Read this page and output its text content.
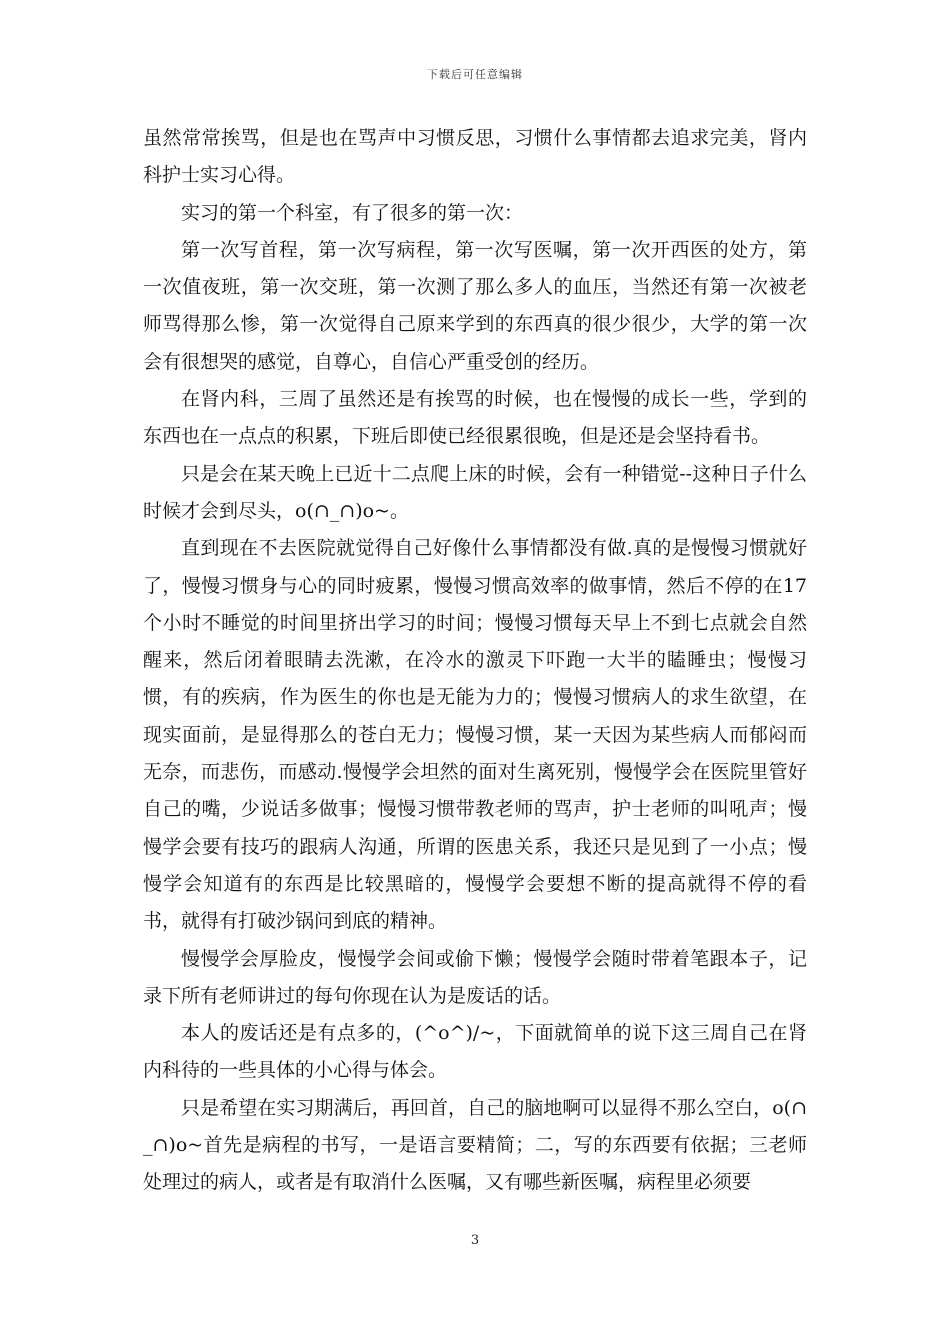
下载后可任意编辑

虽然常常挨骂，但是也在骂声中习惯反思，习惯什么事情都去追求完美，肾内科护士实习心得。

实习的第一个科室，有了很多的第一次：

第一次写首程，第一次写病程，第一次写医嘱，第一次开西医的处方，第一次值夜班，第一次交班，第一次测了那么多人的血压，当然还有第一次被老师骂得那么惨，第一次觉得自己原来学到的东西真的很少很少，大学的第一次会有很想哭的感觉，自尊心，自信心严重受创的经历。

在肾内科，三周了虽然还是有挨骂的时候，也在慢慢的成长一些，学到的东西也在一点点的积累，下班后即使已经很累很晚，但是还是会坚持看书。

只是会在某天晚上已近十二点爬上床的时候，会有一种错觉--这种日子什么时候才会到尽头，o(∩_∩)o~。

直到现在不去医院就觉得自己好像什么事情都没有做.真的是慢慢习惯就好了，慢慢习惯身与心的同时疲累，慢慢习惯高效率的做事情，然后不停的在17个小时不睡觉的时间里挤出学习的时间；慢慢习惯每天早上不到七点就会自然醒来，然后闭着眼睛去洗漱，在冷水的激灵下吓跑一大半的瞌睡虫；慢慢习惯，有的疾病，作为医生的你也是无能为力的；慢慢习惯病人的求生欲望，在现实面前，是显得那么的苍白无力；慢慢习惯，某一天因为某些病人而郁闷而无奈，而悲伤，而感动.慢慢学会坦然的面对生离死别，慢慢学会在医院里管好自己的嘴，少说话多做事；慢慢习惯带教老师的骂声，护士老师的叫吼声；慢慢学会要有技巧的跟病人沟通，所谓的医患关系，我还只是见到了一小点；慢慢学会知道有的东西是比较黑暗的，慢慢学会要想不断的提高就得不停的看书，就得有打破沙锅问到底的精神。

慢慢学会厚脸皮，慢慢学会间或偷下懒；慢慢学会随时带着笔跟本子，记录下所有老师讲过的每句你现在认为是废话的话。

本人的废话还是有点多的，(^o^)/~，下面就简单的说下这三周自己在肾内科待的一些具体的小心得与体会。

只是希望在实习期满后，再回首，自己的脑地啊可以显得不那么空白，o(∩_∩)o~首先是病程的书写，一是语言要精简；二，写的东西要有依据；三老师处理过的病人，或者是有取消什么医嘱，又有哪些新医嘱，病程里必须要

3
